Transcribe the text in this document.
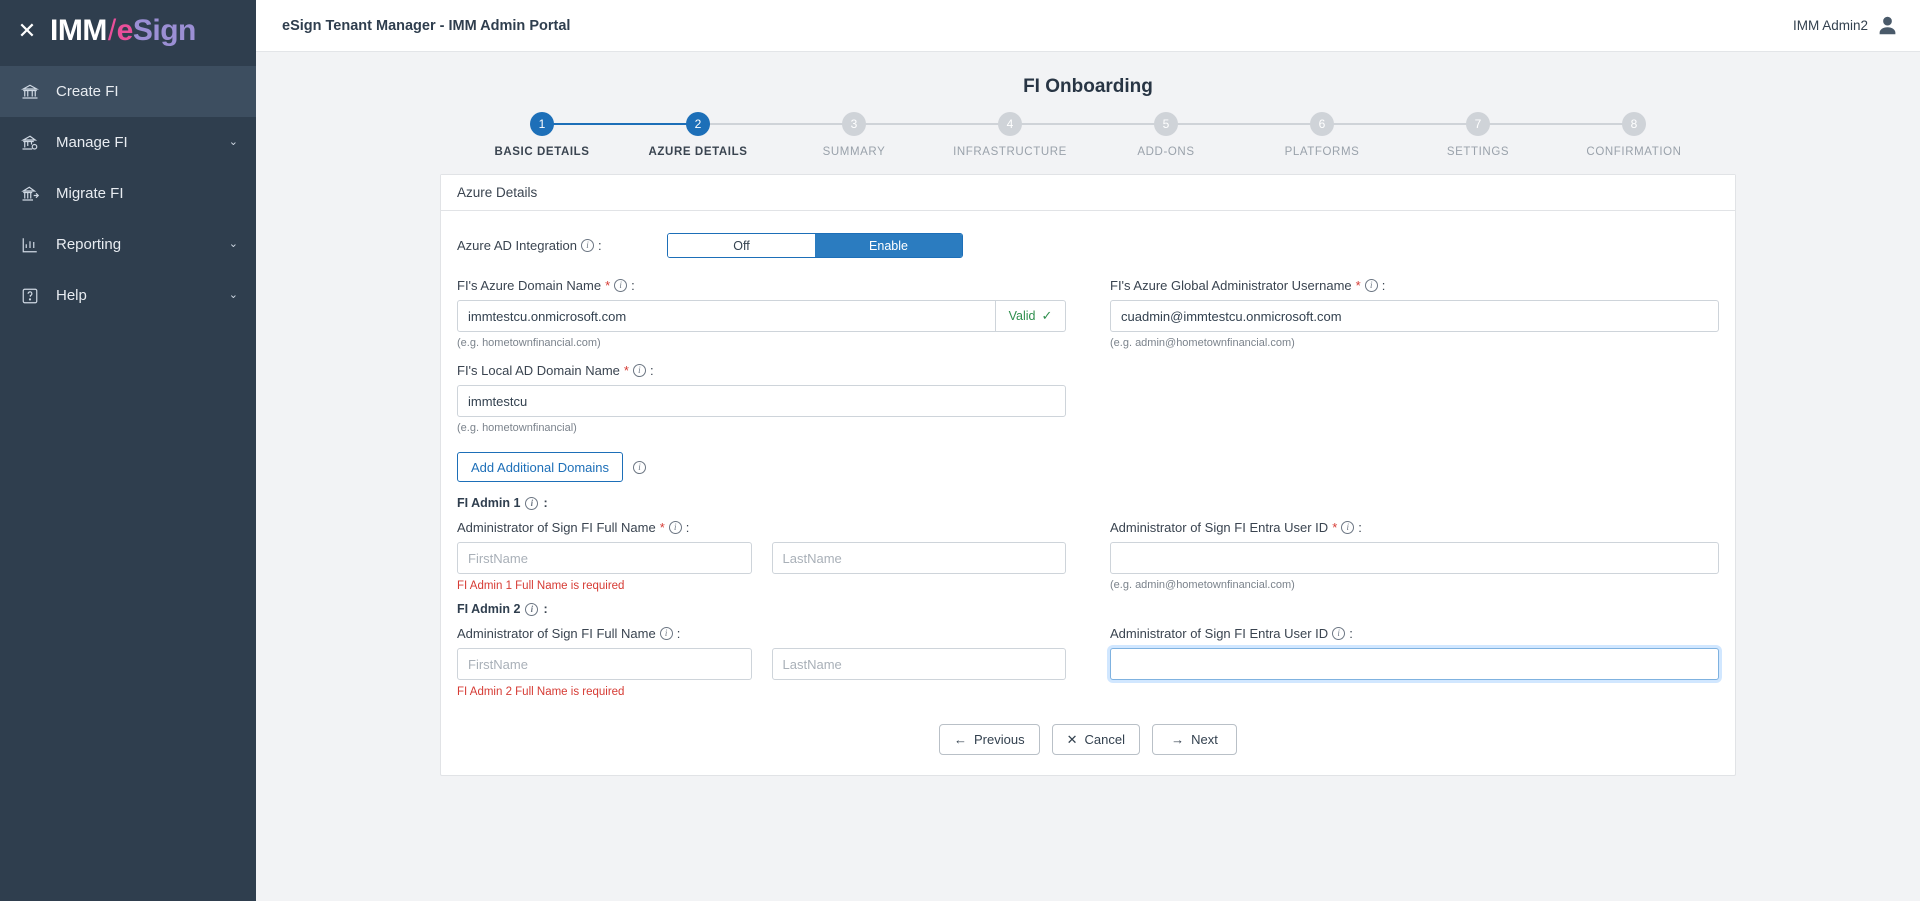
✕ IMM / e Sign
Create FI
Manage FI	⌄
Migrate FI
Reporting	⌄
Help	⌄
eSign Tenant Manager - IMM Admin Portal	IMM Admin2
FI Onboarding
1
BASIC DETAILS
2
AZURE DETAILS
3
SUMMARY
4
INFRASTRUCTURE
5
ADD-ONS
6
PLATFORMS
7
SETTINGS
8
CONFIRMATION
Azure Details
Azure AD Integration	i :	Off	Enable
FI's Azure Domain Name *	i :
immtestcu.onmicrosoft.com
Valid ✓
(e.g. hometownfinancial.com)
FI's Azure Global Administrator Username *	i :
cuadmin@immtestcu.onmicrosoft.com
(e.g. admin@hometownfinancial.com)
FI's Local AD Domain Name *	i :
immtestcu
(e.g. hometownfinancial)
Add Additional Domains	i
FI Admin 1	i :
Administrator of Sign FI Full Name *	i :
FirstName
LastName
FI Admin 1 Full Name is required
Administrator of Sign FI Entra User ID *	i :
(e.g. admin@hometownfinancial.com)
FI Admin 2	i :
Administrator of Sign FI Full Name	i :
FirstName
LastName
FI Admin 2 Full Name is required
Administrator of Sign FI Entra User ID	i :
← Previous	✕ Cancel	→ Next
